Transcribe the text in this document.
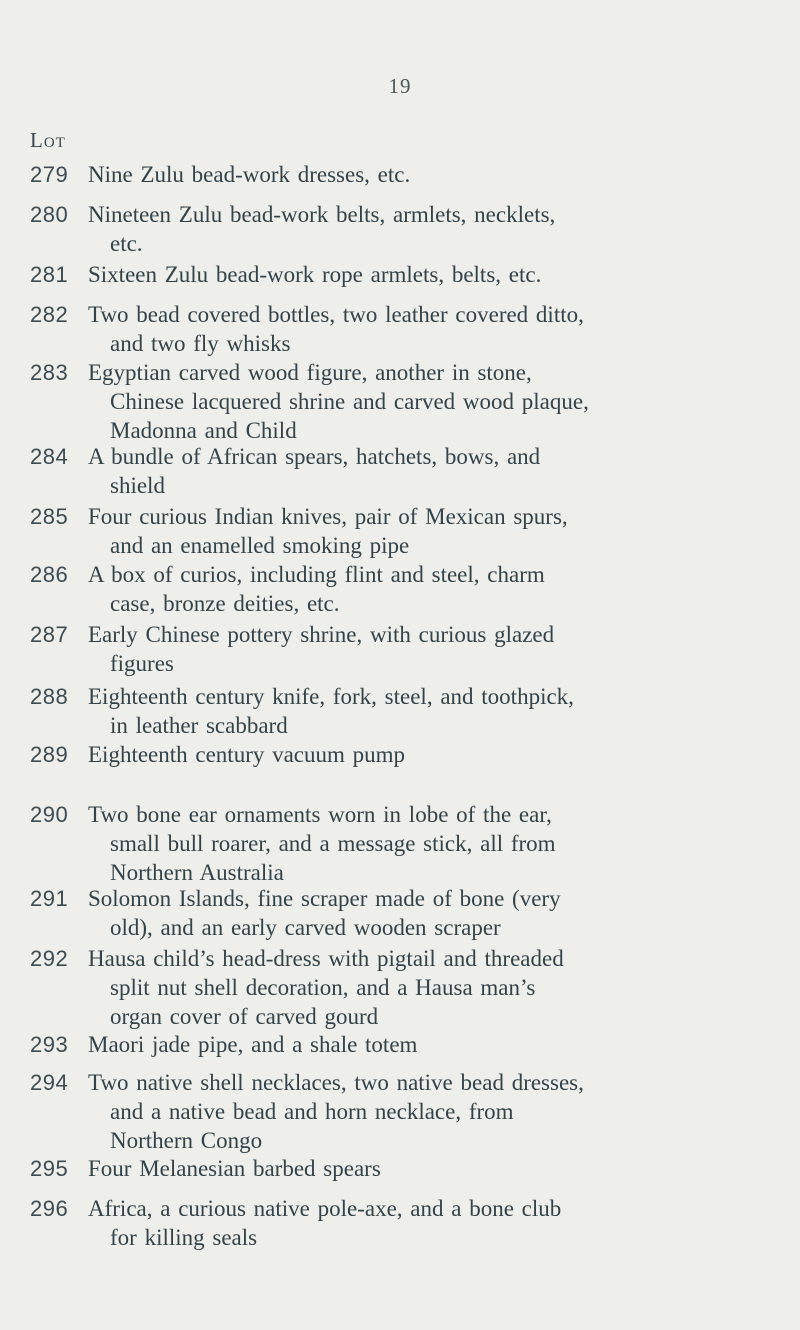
19
Lot
279 Nine Zulu bead-work dresses, etc.
280 Nineteen Zulu bead-work belts, armlets, necklets,
etc.
281 Sixteen Zulu bead-work rope armlets, belts, etc.
282 Two bead covered bottles, two leather covered ditto,
and two fly whisks
283 Egyptian carved wood figure, another in stone,
Chinese lacquered shrine and carved wood plaque,
Madonna and Child
284 A bundle of African spears, hatchets, bows, and
shield
285 Four curious Indian knives, pair of Mexican spurs,
and an enamelled smoking pipe
286 A box of curios, including flint and steel, charm
case, bronze deities, etc.
287 Early Chinese pottery shrine, with curious glazed
figures
288 Eighteenth century knife, fork, steel, and toothpick,
in leather scabbard
289 Eighteenth century vacuum pump
290 Two bone ear ornaments worn in lobe of the ear,
small bull roarer, and a message stick, all from
Northern Australia
291 Solomon Islands, fine scraper made of bone (very
old), and an early carved wooden scraper
292 Hausa child’s head-dress with pigtail and threaded
split nut shell decoration, and a Hausa man’s
organ cover of carved gourd
293 Maori jade pipe, and a shale totem
294 Two native shell necklaces, two native bead dresses,
and a native bead and horn necklace, from
Northern Congo
295 Four Melanesian barbed spears
296 Africa, a curious native pole-axe, and a bone club
for killing seals
